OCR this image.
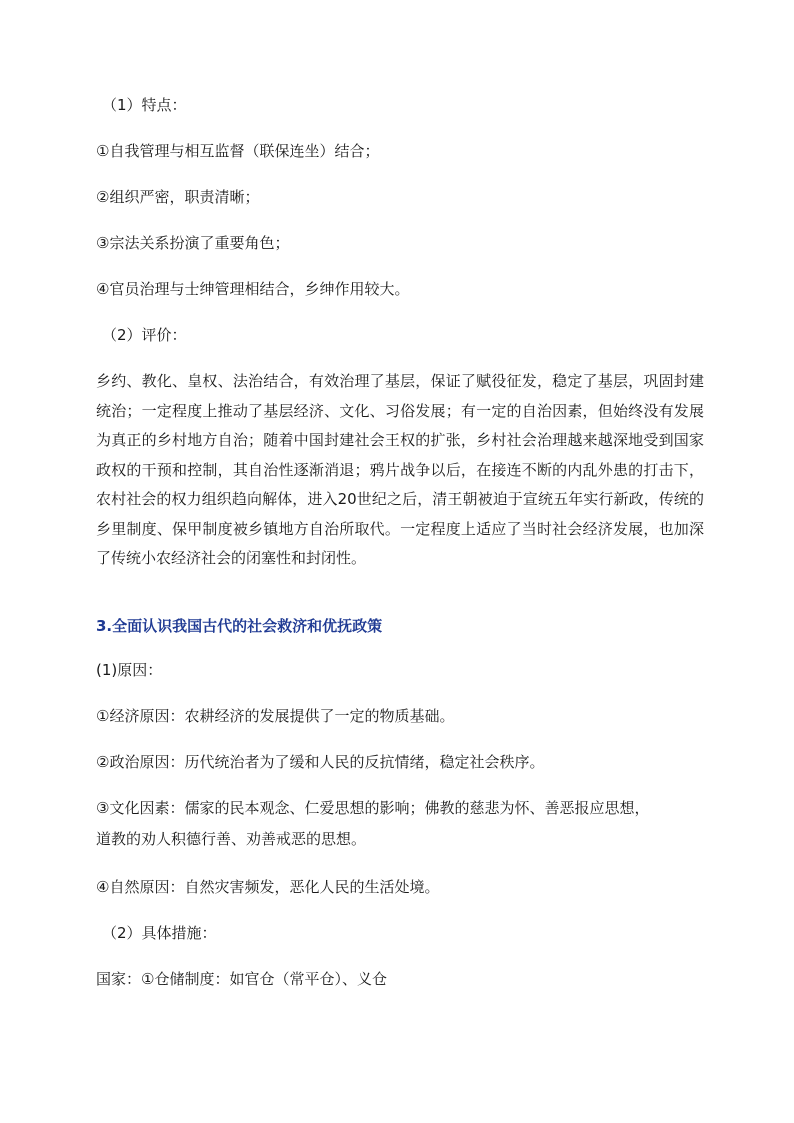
（1）特点：
①自我管理与相互监督（联保连坐）结合；
②组织严密，职责清晰；
③宗法关系扮演了重要角色；
④官员治理与士绅管理相结合，乡绅作用较大。
（2）评价：
乡约、教化、皇权、法治结合，有效治理了基层，保证了赋役征发，稳定了基层，巩固封建统治；一定程度上推动了基层经济、文化、习俗发展；有一定的自治因素，但始终没有发展为真正的乡村地方自治；随着中国封建社会王权的扩张，乡村社会治理越来越深地受到国家政权的干预和控制，其自治性逐渐消退；鸦片战争以后，在接连不断的内乱外患的打击下，农村社会的权力组织趋向解体，进入20世纪之后，清王朝被迫于宣统五年实行新政，传统的乡里制度、保甲制度被乡镇地方自治所取代。一定程度上适应了当时社会经济发展，也加深了传统小农经济社会的闭塞性和封闭性。
3.全面认识我国古代的社会救济和优抚政策
(1)原因：
①经济原因：农耕经济的发展提供了一定的物质基础。
②政治原因：历代统治者为了缓和人民的反抗情绪，稳定社会秩序。
③文化因素：儒家的民本观念、仁爱思想的影响；佛教的慈悲为怀、善恶报应思想，
道教的劝人积德行善、劝善戒恶的思想。
④自然原因：自然灾害频发，恶化人民的生活处境。
（2）具体措施：
国家：①仓储制度：如官仓（常平仓）、义仓
